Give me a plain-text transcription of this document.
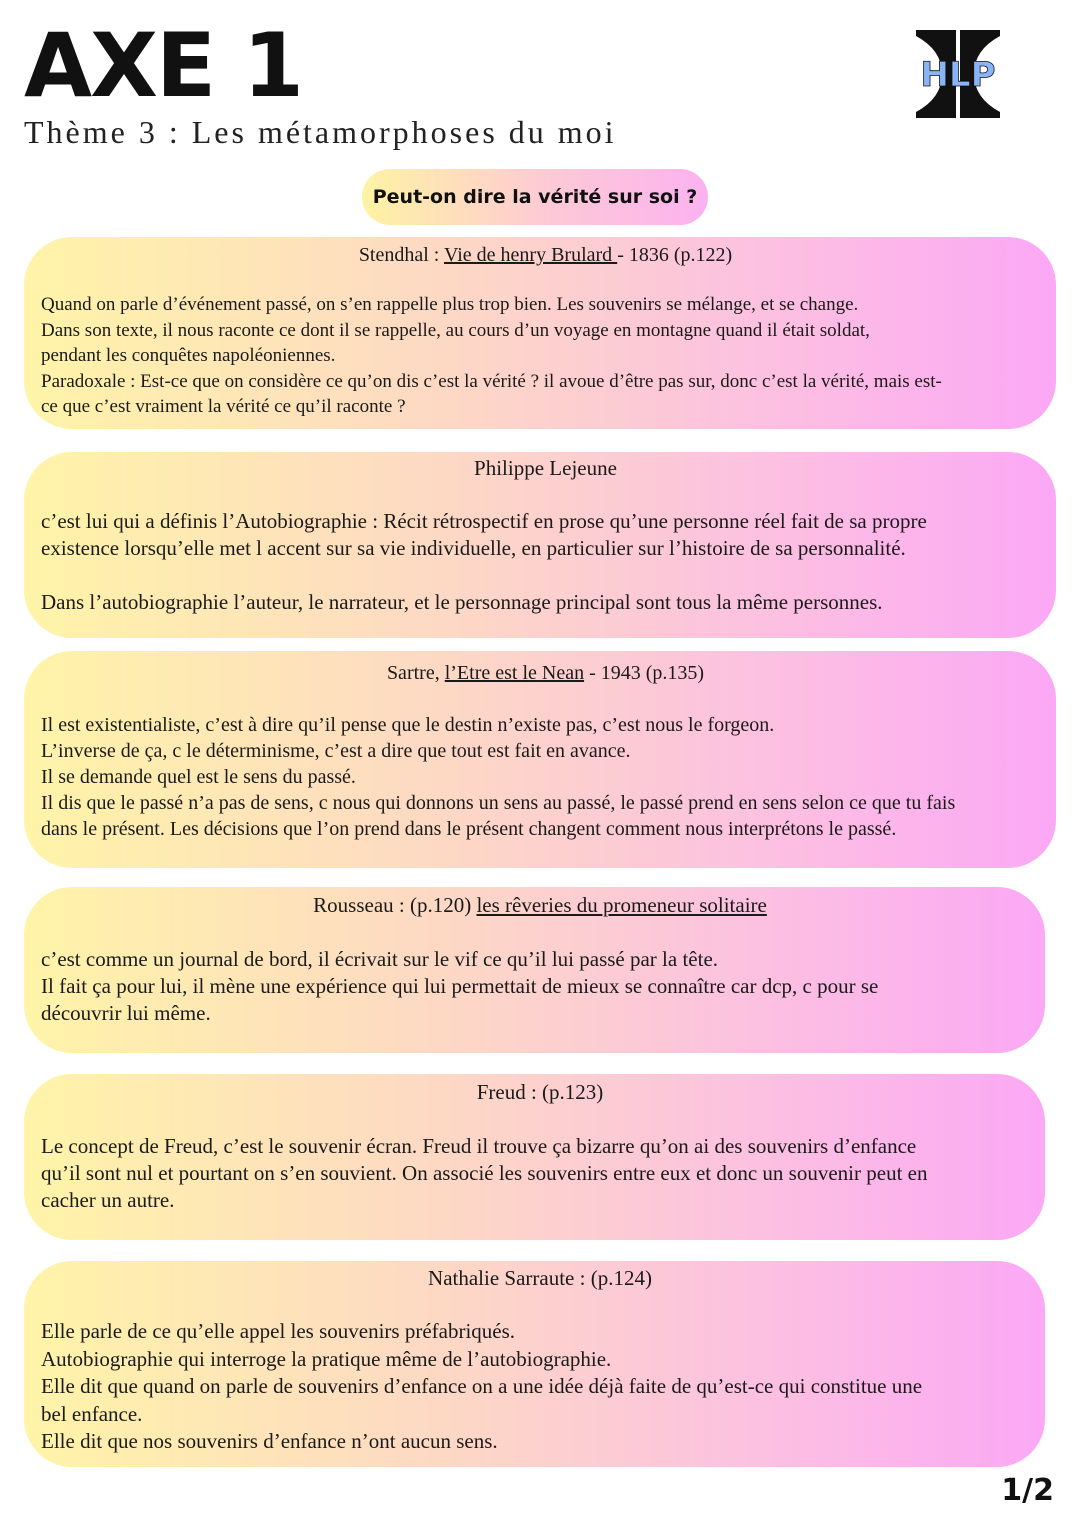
AXE 1
Thème 3 : Les métamorphoses du moi
HLP
Peut-on dire la vérité sur soi ?
Stendhal : Vie de henry Brulard - 1836 (p.122)

Quand on parle d’événement passé, on s’en rappelle plus trop bien. Les souvenirs se mélange, et se change.

Dans son texte, il nous raconte ce dont il se rappelle, au cours d’un voyage en montagne quand il était soldat,

pendant les conquêtes napoléoniennes.

Paradoxale : Est-ce que on considère ce qu’on dis c’est la vérité ? il avoue d’être pas sur, donc c’est la vérité, mais est-

ce que c’est vraiment la vérité ce qu’il raconte ?

Philippe Lejeune

c’est lui qui a définis l’Autobiographie : Récit rétrospectif en prose qu’une personne réel fait de sa propre

existence lorsqu’elle met l accent sur sa vie individuelle, en particulier sur l’histoire de sa personnalité.

Dans l’autobiographie l’auteur, le narrateur, et le personnage principal sont tous la même personnes.

Sartre, l’Etre est le Nean - 1943 (p.135)

Il est existentialiste, c’est à dire qu’il pense que le destin n’existe pas, c’est nous le forgeon.

L’inverse de ça, c le déterminisme, c’est a dire que tout est fait en avance.

Il se demande quel est le sens du passé.

Il dis que le passé n’a pas de sens, c nous qui donnons un sens au passé, le passé prend en sens selon ce que tu fais

dans le présent. Les décisions que l’on prend dans le présent changent comment nous interprétons le passé.

Rousseau : (p.120) les rêveries du promeneur solitaire

c’est comme un journal de bord, il écrivait sur le vif ce qu’il lui passé par la tête.

Il fait ça pour lui, il mène une expérience qui lui permettait de mieux se connaître car dcp, c pour se

découvrir lui même.

Freud : (p.123)

Le concept de Freud, c’est le souvenir écran. Freud il trouve ça bizarre qu’on ai des souvenirs d’enfance

qu’il sont nul et pourtant on s’en souvient. On associé les souvenirs entre eux et donc un souvenir peut en

cacher un autre.

Nathalie Sarraute : (p.124)

Elle parle de ce qu’elle appel les souvenirs préfabriqués.

Autobiographie qui interroge la pratique même de l’autobiographie.

Elle dit que quand on parle de souvenirs d’enfance on a une idée déjà faite de qu’est-ce qui constitue une

bel enfance.

Elle dit que nos souvenirs d’enfance n’ont aucun sens.

1/2
